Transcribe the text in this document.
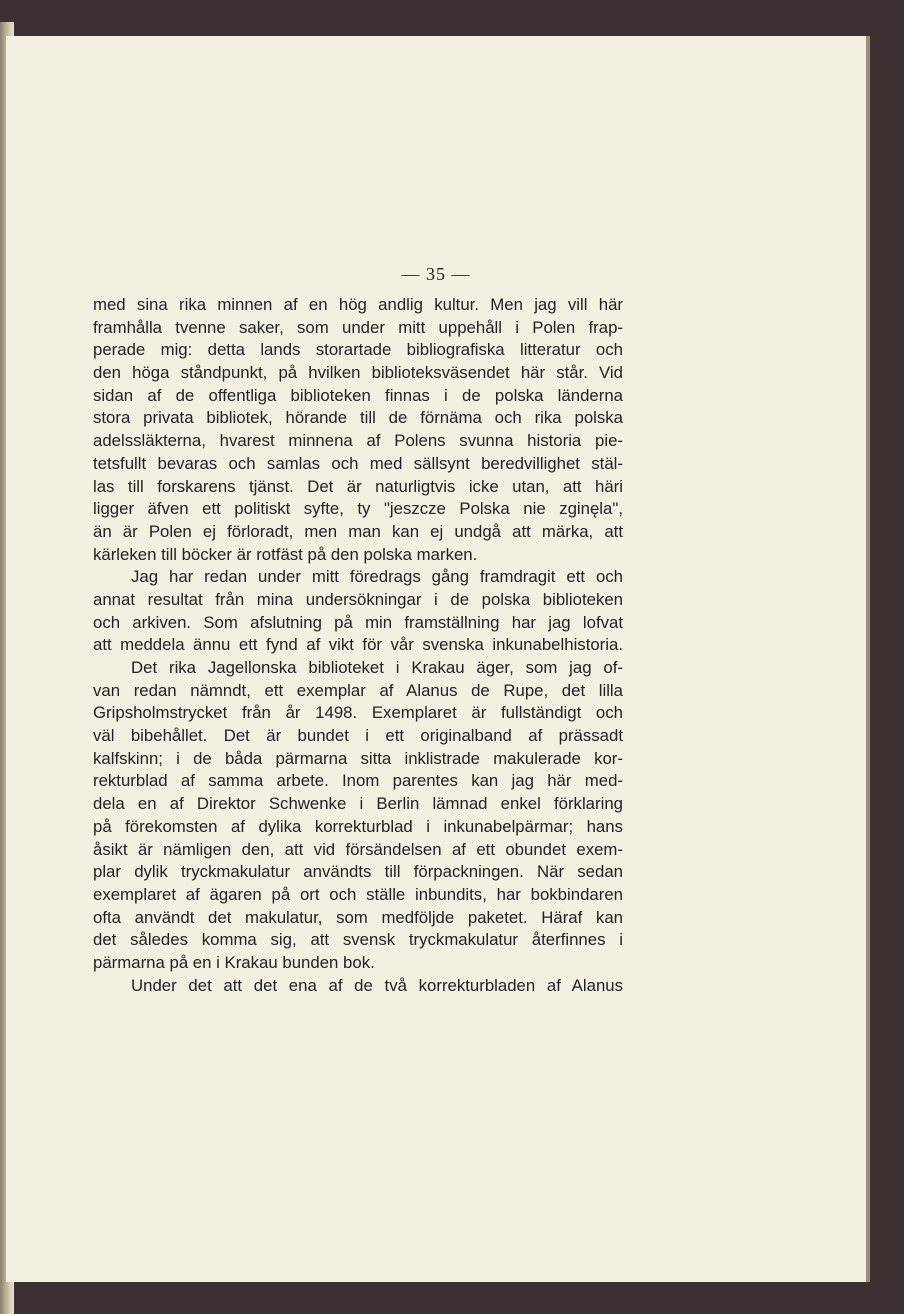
— 35 —
med sina rika minnen af en hög andlig kultur. Men jag vill här
framhålla tvenne saker, som under mitt uppehåll i Polen frap-
perade mig: detta lands storartade bibliografiska litteratur och
den höga ståndpunkt, på hvilken biblioteksväsendet här står. Vid
sidan af de offentliga biblioteken finnas i de polska länderna
stora privata bibliotek, hörande till de förnäma och rika polska
adelssläkterna, hvarest minnena af Polens svunna historia pie-
tetsfullt bevaras och samlas och med sällsynt beredvillighet stäl-
las till forskarens tjänst. Det är naturligtvis icke utan, att häri
ligger äfven ett politiskt syfte, ty "jeszcze Polska nie zginęla",
än är Polen ej förloradt, men man kan ej undgå att märka, att
kärleken till böcker är rotfäst på den polska marken.
Jag har redan under mitt föredrags gång framdragit ett och
annat resultat från mina undersökningar i de polska biblioteken
och arkiven. Som afslutning på min framställning har jag lofvat
att meddela ännu ett fynd af vikt för vår svenska inkunabelhistoria.
Det rika Jagellonska biblioteket i Krakau äger, som jag of-
van redan nämndt, ett exemplar af Alanus de Rupe, det lilla
Gripsholmstrycket från år 1498. Exemplaret är fullständigt och
väl bibehållet. Det är bundet i ett originalband af prässadt
kalfskinn; i de båda pärmarna sitta inklistrade makulerade kor-
rekturblad af samma arbete. Inom parentes kan jag här med-
dela en af Direktor Schwenke i Berlin lämnad enkel förklaring
på förekomsten af dylika korrekturblad i inkunabelpärmar; hans
åsikt är nämligen den, att vid försändelsen af ett obundet exem-
plar dylik tryckmakulatur användts till förpackningen. När sedan
exemplaret af ägaren på ort och ställe inbundits, har bokbindaren
ofta användt det makulatur, som medföljde paketet. Häraf kan
det således komma sig, att svensk tryckmakulatur återfinnes i
pärmarna på en i Krakau bunden bok.
Under det att det ena af de två korrekturbladen af Alanus
